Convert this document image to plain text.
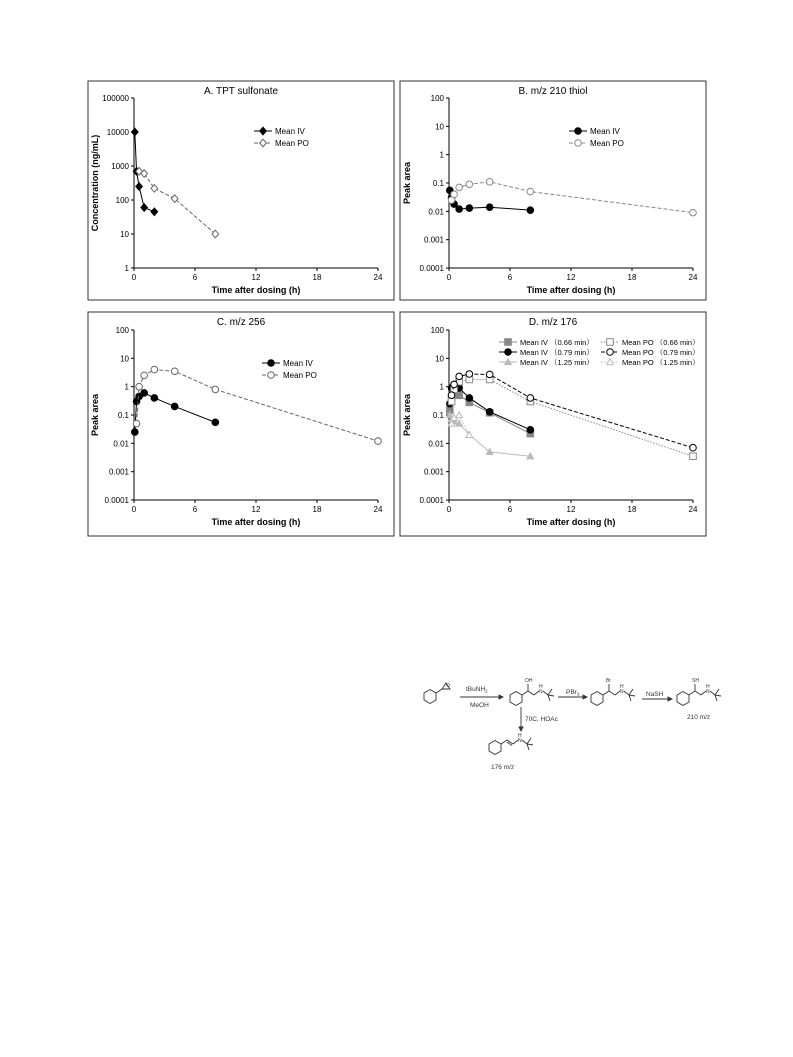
1
10
100
1000
10000
100000
0	6	12	18	24
A. TPT sulfonate
Time after dosing (h)
Concentration (ng/mL)
Mean IV
Mean PO
0.0001
0.001
0.01
0.1
1
10
100
0	6	12	18	24
B. m/z 210 thiol
Time after dosing (h)
Peak area
Mean IV
Mean PO
0.0001
0.001
0.01
0.1
1
10
100
0	6	12	18	24
C. m/z 256
Time after dosing (h)
Peak area
Mean IV
Mean PO
0.0001
0.001
0.01
0.1
1
10
100
0	6	12	18	24
D. m/z 176
Time after dosing (h)
Peak area
Mean IV （0.66 min）
Mean IV （0.79 min）
Mean IV （1.25 min）
Mean PO （0.66 min）
Mean PO （0.79 min）
Mean PO （1.25 min）
O tBuNH$_2$
MeOH
PBr$_3$	NaSH
70C, HOAc	210 m/z
176 m/z
OH	Br	SH
N
H
N
H
N
H
N
H
